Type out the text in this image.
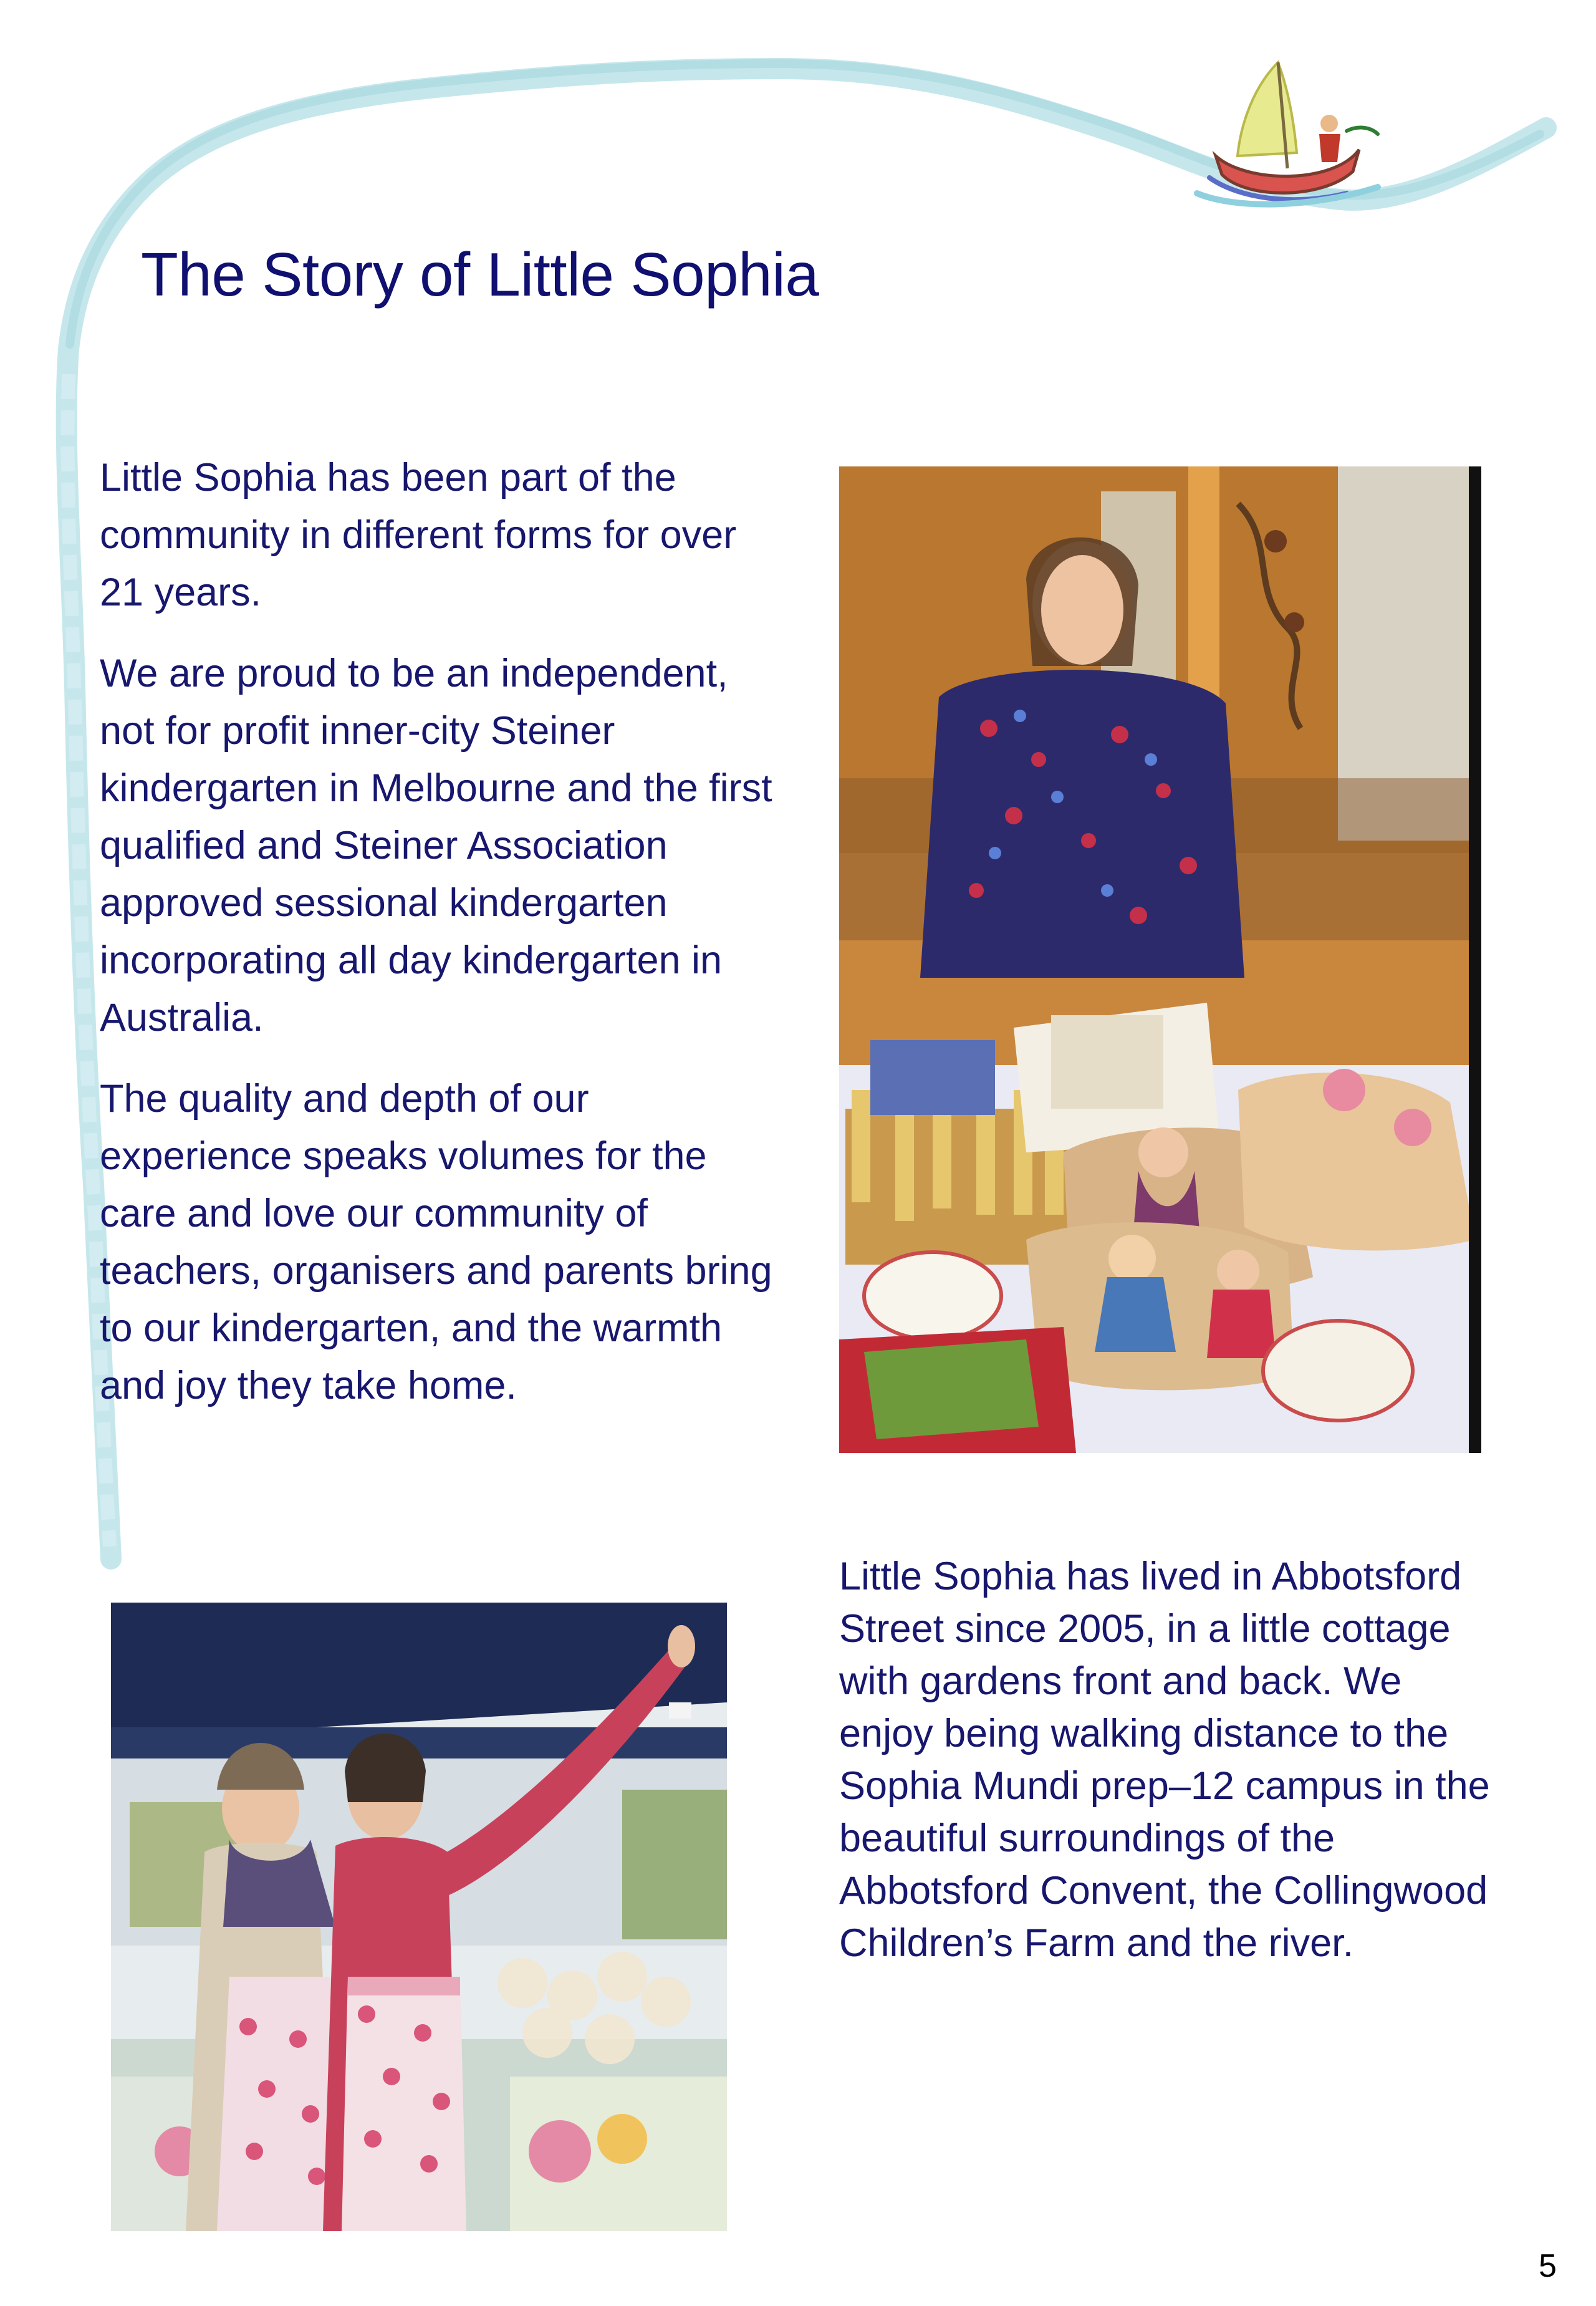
The Story of Little Sophia

Little Sophia has been part of the community in different forms for over 21 years.

We are proud to be an independent, not for profit inner-city Steiner kindergarten in Melbourne and the first qualified and Steiner Association approved sessional kindergarten incorporating all day kindergarten in Australia.

The quality and depth of our experience speaks volumes for the care and love our community of teachers, organisers and parents bring to our kindergarten, and the warmth and joy they take home.

Little Sophia has lived in Abbotsford Street since 2005, in a little cottage with gardens front and back. We enjoy being walking distance to the Sophia Mundi prep–12 campus in the beautiful surroundings of the Abbotsford Convent, the Collingwood Children’s Farm and the river.

5
